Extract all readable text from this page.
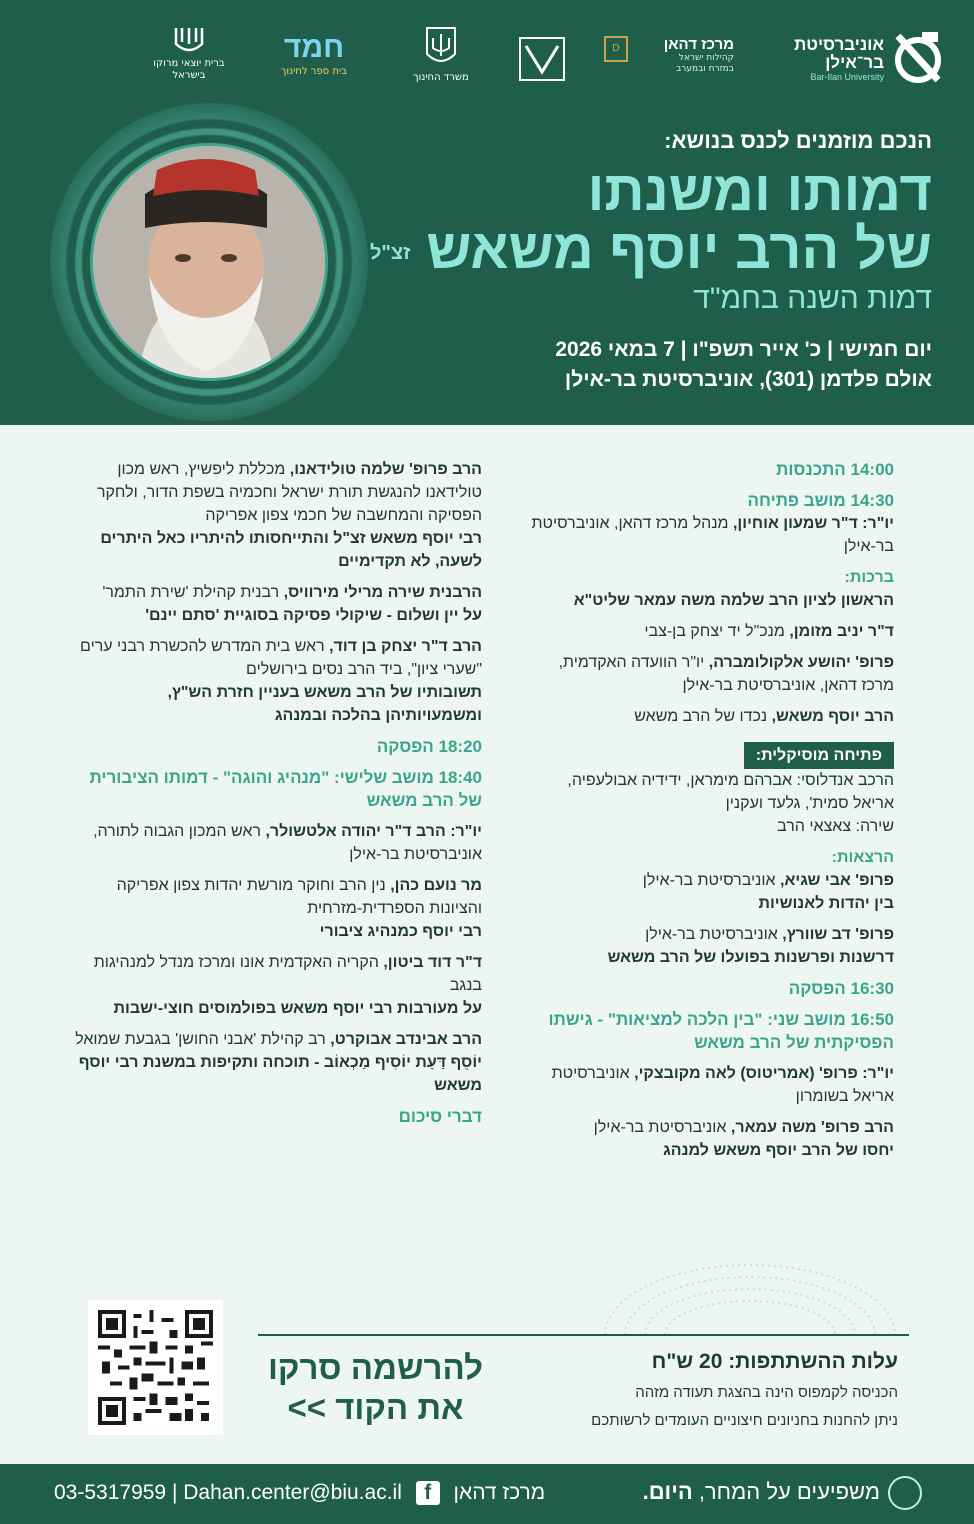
אוניברסיטת
בר־אילן
Bar-Ilan University
D	מרכז דהאן
קהילות ישראל
במזרח ובמערב
משרד החינוך
חמד
בית ספר לחינוך
ברית יוצאי מרוקו
בישראל
הנכם מוזמנים לכנס בנושא:
דמותו ומשנתו
של הרב יוסף משאשזצ"ל
דמות השנה בחמ"ד
יום חמישי | כ' אייר תשפ"ו | 7 במאי 2026
אולם פלדמן (301), אוניברסיטת בר-אילן
14:00 התכנסות
14:30 מושב פתיחה
יו"ר: ד"ר שמעון אוחיון, מנהל מרכז דהאן, אוניברסיטת בר-אילן
ברכות:
הראשון לציון הרב שלמה משה עמאר שליט"א
ד"ר יניב מזומן, מנכ"ל יד יצחק בן-צבי
פרופ' יהושע אלקולומברה, יו"ר הוועדה האקדמית, מרכז דהאן, אוניברסיטת בר-אילן
הרב יוסף משאש, נכדו של הרב משאש
פתיחה מוסיקלית:
הרכב אנדלוסי: אברהם מימראן, ידידיה אבולעפיה, אריאל סמית', גלעד ועקנין
שירה: צאצאי הרב
הרצאות:
פרופ' אבי שגיא, אוניברסיטת בר-אילן
בין יהדות לאנושיות
פרופ' דב שוורץ, אוניברסיטת בר-אילן
דרשנות ופרשנות בפועלו של הרב משאש
16:30 הפסקה
16:50 מושב שני: "בין הלכה למציאות" - גישתו הפסיקתית של הרב משאש
יו"ר: פרופ' (אמריטוס) לאה מקובצקי, אוניברסיטת אריאל בשומרון
הרב פרופ' משה עמאר, אוניברסיטת בר-אילן
יחסו של הרב יוסף משאש למנהג
הרב פרופ' שלמה טולידאנו, מכללת ליפשיץ, ראש מכון טולידאנו להנגשת תורת ישראל וחכמיה בשפת הדור, ולחקר הפסיקה והמחשבה של חכמי צפון אפריקה
רבי יוסף משאש זצ"ל והתייחסותו להיתריו כאל היתרים לשעה, לא תקדימיים
הרבנית שירה מרילי מירוויס, רבנית קהילת 'שירת התמר'
על יין ושלום - שיקולי פסיקה בסוגיית 'סתם יינם'
הרב ד"ר יצחק בן דוד, ראש בית המדרש להכשרת רבני ערים "שערי ציון", ביד הרב נסים בירושלים
תשובותיו של הרב משאש בעניין חזרת הש"ץ, ומשמעויותיהן בהלכה ובמנהג
18:20 הפסקה
18:40 מושב שלישי: "מנהיג והוגה" - דמותו הציבורית של הרב משאש
יו"ר: הרב ד"ר יהודה אלטשולר, ראש המכון הגבוה לתורה, אוניברסיטת בר-אילן
מר נועם כהן, נין הרב וחוקר מורשת יהדות צפון אפריקה והציונות הספרדית-מזרחית
רבי יוסף כמנהיג ציבורי
ד"ר דוד ביטון, הקריה האקדמית אונו ומרכז מנדל למנהיגות בנגב
על מעורבות רבי יוסף משאש בפולמוסים חוצי-ישבות
הרב אבינדב אבוקרט, רב קהילת 'אבני החושן' בגבעת שמואל
יוֹסֵף דַּעַת יוֹסִיף מַכְאוֹב - תוכחה ותקיפות במשנת רבי יוסף משאש
דברי סיכום
עלות ההשתתפות: 20 ש"ח
הכניסה לקמפוס הינה בהצגת תעודה מזהה
ניתן להחנות בחניונים חיצוניים העומדים לרשותכם
להרשמה סרקו
את הקוד >>
משפיעים על המחר, היום.
03-5317959 | Dahan.center@biu.ac.il f מרכז דהאן
